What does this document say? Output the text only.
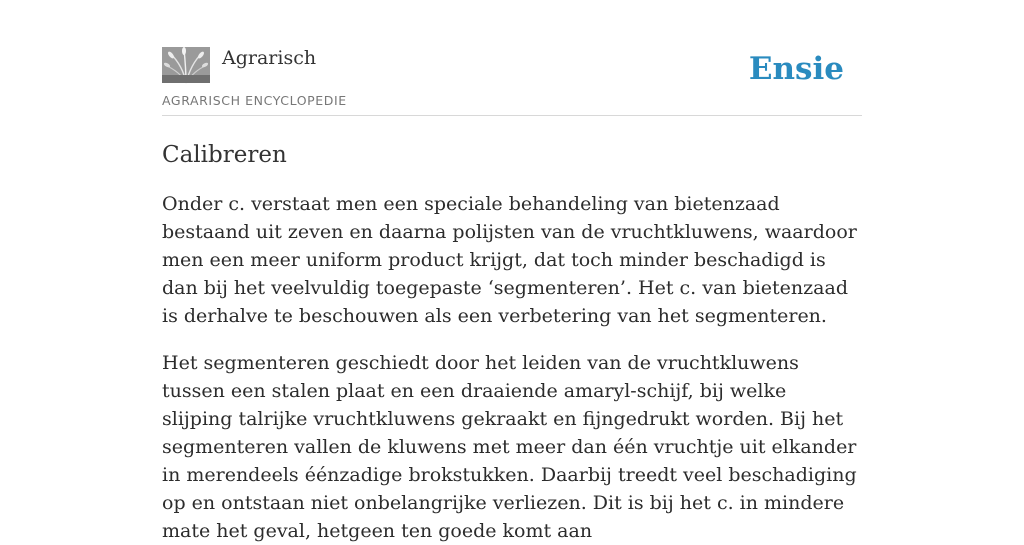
Agrarisch
AGRARISCH ENCYCLOPEDIE
Ensie
Calibreren

Onder c. verstaat men een speciale behandeling van bietenzaad bestaand uit zeven en daarna polijsten van de vruchtkluwens, waardoor men een meer uniform product krijgt, dat toch minder beschadigd is dan bij het veelvuldig toegepaste ‘segmenteren’. Het c. van bietenzaad is derhalve te beschouwen als een verbetering van het segmenteren.

Het segmenteren geschiedt door het leiden van de vruchtkluwens tussen een stalen plaat en een draaiende amaryl-schijf, bij welke slijping talrijke vruchtkluwens gekraakt en fijngedrukt worden. Bij het segmenteren vallen de kluwens met meer dan één vruchtje uit elkander in merendeels éénzadige brokstukken. Daarbij treedt veel beschadiging op en ontstaan niet onbelangrijke verliezen. Dit is bij het c. in mindere mate het geval, hetgeen ten goede komt aan
